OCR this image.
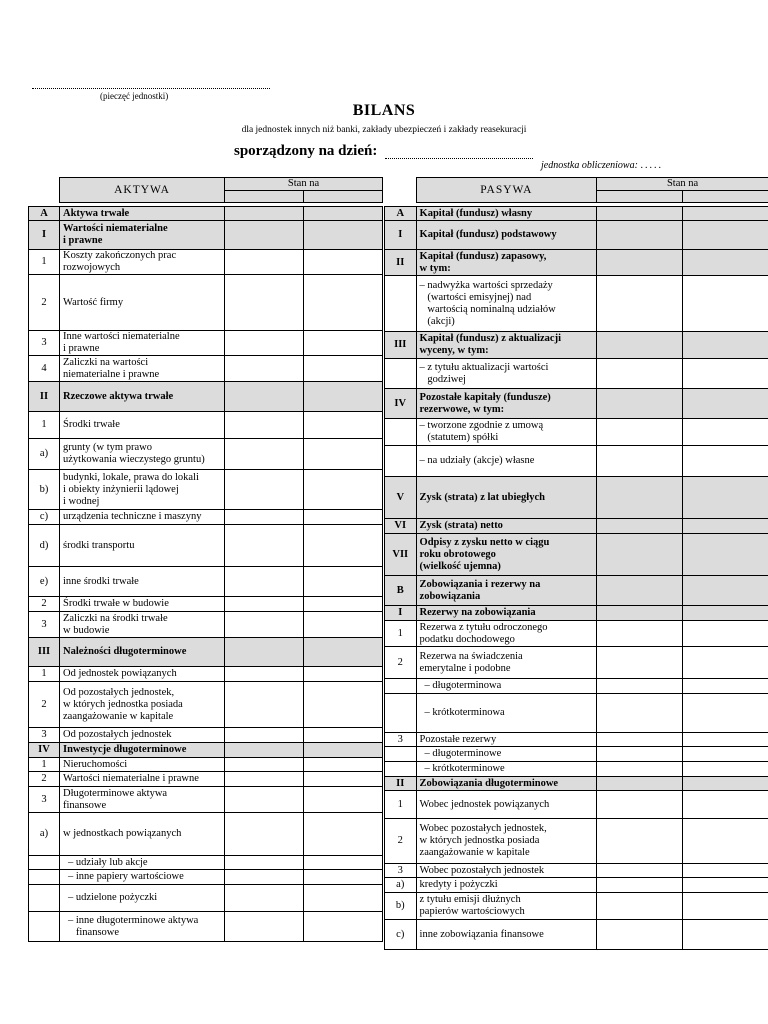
(pieczęć jednostki)
BILANS
dla jednostek innych niż banki, zakłady ubezpieczeń i zakłady reasekuracji
sporządzony na dzień:
jednostka obliczeniowa: .....
	AKTYWA	Stan na	

A	Aktywa trwałe		
I	Wartości niematerialne
i prawne		
1	Koszty zakończonych prac
rozwojowych		
2	Wartość firmy		
3	Inne wartości niematerialne
i prawne		
4	Zaliczki na wartości
niematerialne i prawne		
II	Rzeczowe aktywa trwałe		
1	Środki trwałe		
a)	grunty (w tym prawo
użytkowania wieczystego gruntu)		
b)	budynki, lokale, prawa do lokali
i obiekty inżynierii lądowej
i wodnej		
c)	urządzenia techniczne i maszyny		
d)	środki transportu		
e)	inne środki trwałe		
2	Środki trwałe w budowie		
3	Zaliczki na środki trwałe
w budowie		
III	Należności długoterminowe		
1	Od jednostek powiązanych		
2	Od pozostałych jednostek,
w których jednostka posiada
zaangażowanie w kapitale		
3	Od pozostałych jednostek		
IV	Inwestycje długoterminowe		
1	Nieruchomości		
2	Wartości niematerialne i prawne		
3	Długoterminowe aktywa
finansowe		
a)	w jednostkach powiązanych		
	– udziały lub akcje		
	– inne papiery wartościowe		
	– udzielone pożyczki		
	– inne długoterminowe aktywa
finansowe		
	PASYWA	Stan na	

A	Kapitał (fundusz) własny		
I	Kapitał (fundusz) podstawowy		
II	Kapitał (fundusz) zapasowy,
w tym:		
	– nadwyżka wartości sprzedaży
(wartości emisyjnej) nad
wartością nominalną udziałów
(akcji)		
III	Kapitał (fundusz) z aktualizacji
wyceny, w tym:		
	– z tytułu aktualizacji wartości
godziwej		
IV	Pozostałe kapitały (fundusze)
rezerwowe, w tym:		
	– tworzone zgodnie z umową
(statutem) spółki		
	– na udziały (akcje) własne		
V	Zysk (strata) z lat ubiegłych		
VI	Zysk (strata) netto		
VII	Odpisy z zysku netto w ciągu
roku obrotowego
(wielkość ujemna)		
B	Zobowiązania i rezerwy na
zobowiązania		
I	Rezerwy na zobowiązania		
1	Rezerwa z tytułu odroczonego
podatku dochodowego		
2	Rezerwa na świadczenia
emerytalne i podobne		
	– długoterminowa		
	– krótkoterminowa		
3	Pozostałe rezerwy		
	– długoterminowe		
	– krótkoterminowe		
II	Zobowiązania długoterminowe		
1	Wobec jednostek powiązanych		
2	Wobec pozostałych jednostek,
w których jednostka posiada
zaangażowanie w kapitale		
3	Wobec pozostałych jednostek		
a)	kredyty i pożyczki		
b)	z tytułu emisji dłużnych
papierów wartościowych		
c)	inne zobowiązania finansowe		
